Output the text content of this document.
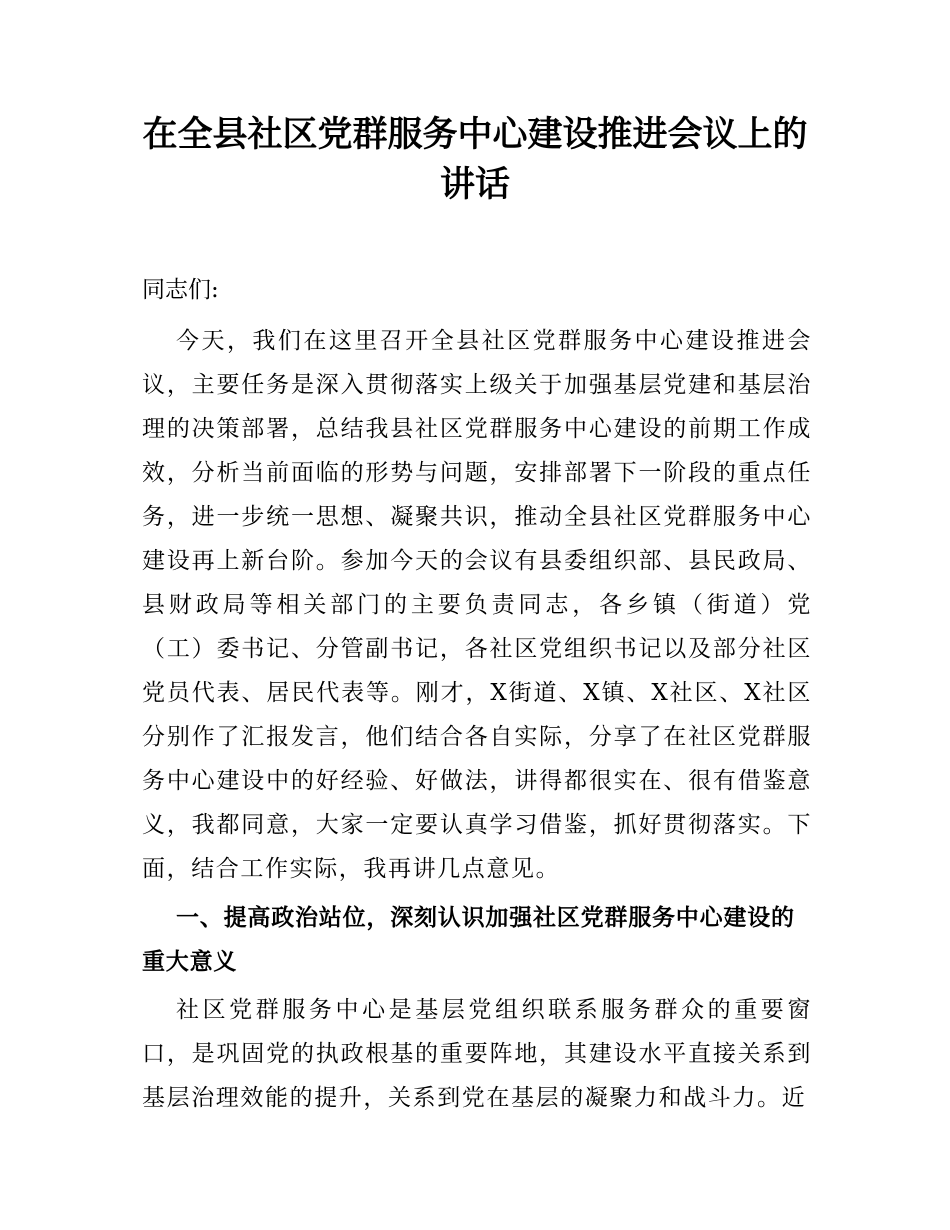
在全县社区党群服务中心建设推进会议上的讲话
同志们:

今天，我们在这里召开全县社区党群服务中心建设推进会议，主要任务是深入贯彻落实上级关于加强基层党建和基层治理的决策部署，总结我县社区党群服务中心建设的前期工作成效，分析当前面临的形势与问题，安排部署下一阶段的重点任务，进一步统一思想、凝聚共识，推动全县社区党群服务中心建设再上新台阶。参加今天的会议有县委组织部、县民政局、县财政局等相关部门的主要负责同志，各乡镇（街道）党（工）委书记、分管副书记，各社区党组织书记以及部分社区党员代表、居民代表等。刚才，X街道、X镇、X社区、X社区分别作了汇报发言，他们结合各自实际，分享了在社区党群服务中心建设中的好经验、好做法，讲得都很实在、很有借鉴意义，我都同意，大家一定要认真学习借鉴，抓好贯彻落实。下面，结合工作实际，我再讲几点意见。

一、提高政治站位，深刻认识加强社区党群服务中心建设的重大意义

社区党群服务中心是基层党组织联系服务群众的重要窗口，是巩固党的执政根基的重要阵地，其建设水平直接关系到基层治理效能的提升，关系到党在基层的凝聚力和战斗力。近
